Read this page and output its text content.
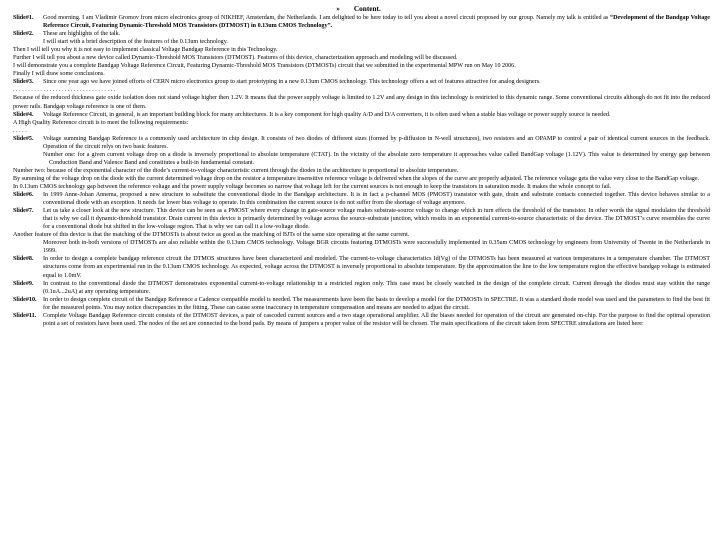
» Content.

Slide#1. Good morning. I am Vladimir Gromov from micro electronics group of NIKHEF, Amsterdam, the Netherlands. I am delighted to be here today to tell you about a novel circuit proposed by our group. Namely my talk is entitled as “Development of the Bandgap Voltage Reference Circuit, Featuring Dynamic-Threshold MOS Transistors (DTMOST) in 0.13um CMOS Technology”.

Slide#2. These are highlights of the talk.

I will start with a brief description of the features of the 0.13um technology.

Then I will tell you why it is not easy to implement classical Voltage Bandgap Reference in this Technology.

Further I will tell you about a new device called Dynamic-Threshold MOS Transistors (DTMOST). Features of this device, characterization approach and modeling will be discussed.

I will demonstrate you a complete Bandgap Voltage Reference Circuit, Featuring Dynamic-Threshold MOS Transistors (DTMOSTs) circuit that we submitted in the experimental MPW run on May 10 2006.

Finally I will draw some conclusions.

Slide#3. Since one year ago we have joined efforts of CERN micro electronics group to start prototyping in a new 0.13um CMOS technology. This technology offers a set of features attractive for analog designers.

. . . . . . . . . . . . . . . . . . . . . . . . . . . . . . . . . .

Because of the reduced thickness gate oxide isolation does not stand voltage higher then 1.2V. It means that the power supply voltage is limited to 1.2V and any design in this technology is restricted to this dynamic range. Some conventional circuits although do not fit into the reduced power rails. Bandgap voltage reference is one of them.

Slide#4. Voltage Reference Circuit, in general, is an important building block for many architectures. It is a key component for high quality A/D and D/A converters, it is often used when a stable bias voltage or power supply source is needed.

A High Quality Reference circuit is to meet the following requirements:

. . . . .

Slide#5. Voltage summing Bandgap Reference is a commonly used architecture in chip design. It consists of two diodes of different sizes (formed by p-diffusion in N-well structures), two resistors and an OPAMP to control a pair of identical current sources in the feedback. Operation of the circuit relys on two basic features.

Number one: for a given current voltage drop on a diode is inversely proportional to absolute temperature (CTAT). In the vicinity of the absolute zero temperature it approaches value called BandGap voltage (1.12V). This value is determined by energy gap between Conduction Band and Valence Band and constitutes a built-in fundamental constant.

Number two: because of the exponential character of the diode’s current-to-voltage characteristic current through the diodes in the architecture is proportional to absolute temperature.

By summing of the voltage drop on the diode with the current determined voltage drop on the resistor a temperature insensitive reference voltage is delivered when the slopes of the curve are properly adjusted. The reference voltage gets the value very close to the BandGap voltage.

In 0.13um CMOS technology gap between the reference voltage and the power supply voltage becomes so narrow that voltage left for the current sources is not enough to keep the transistors in saturation mode. It makes the whole concept to fail.

Slide#6. In 1999 Anne-Johan Annema, proposed a new structure to substitute the conventional diode in the Bandgap architecture. It is in fact a p-channel MOS (PMOST) transistor with gate, drain and substrate contacts connected together. This device behaves similar to a conventional diode with an exception. It needs far lower bias voltage to operate. In this combination the current source is do not suffer from the shortage of voltage anymore.

Slide#7. Let us take a closer look at the new structure. This device can be seen as a PMOST where every change in gate-source voltage makes substrate-source voltage to change which in turn effects the threshold of the transistor. In other words the signal modulates the threshold that is why we call it dynamic-threshold transistor. Drain current in this device is primarily determined by voltage across the source-substrate junction, which results in an exponential current-to-source characteristic of the device. The DTMOST’s curve resembles the curve for a conventional diode but shifted in the low-voltage region. That is why we can call it a low-voltage diode.

Another feature of this device is that the matching of the DTMOSTs is about twice as good as the matching of BJTs of the same size operating at the same current.

Moreover both in-both versions of DTMOSTs are also reliable within the 0.13um CMOS technology. Voltage BGR circuits featuring DTMOSTs were successfully implemented in 0.35um CMOS technology by engineers from University of Twente in the Netherlands in 1999.

Slide#8. In order to design a complete bandgap reference circuit the DTMOS structures have been characterized and modeled. The current-to-voltage characteristics Id(Vg) of the DTMOSTs has been measured at various temperatures in a temperature chamber. The DTMOST structures come from an experimental run in the 0.13um CMOS technology. As expected, voltage across the DTMOST is inversely proportional to absolute temperature. By the approximation the line to the low temperature region the effective bandgap voltage is estimated equal to 1.0mV.

Slide#9. In contrast to the conventional diode the DTMOST demonstrates exponential current-to-voltage relationship in a restricted region only. This case must be closely watched in the design of the complete circuit. Current through the diodes must stay within the range (0.1uA...2uA) at any operating temperature.

Slide#10. In order to design complete circuit of the Bandgap Reference a Cadence compatible model is needed. The measurements have been the basis to develop a model for the DTMOSTs in SPECTRE. It was a standard diode model was used and the parameters to find the best fit for the measured points. You may notice discrepancies in the fitting. These can cause some inaccuracy in temperature compensation and means are needed to adjust the circuit.

Slide#11. Complete Voltage Bandgap Reference circuit consists of the DTMOST devices, a pair of cascoded current sources and a two stage operational amplifier. All the biases needed for operation of the circuit are generated on-chip. For the purpose to find the optimal operation point a set of resistors have been used. The nodes of the set are connected to the bond pads. By means of jumpers a proper value of the resistor will be chosen. The main specifications of the circuit taken from SPECTRE simulations are listed here:
